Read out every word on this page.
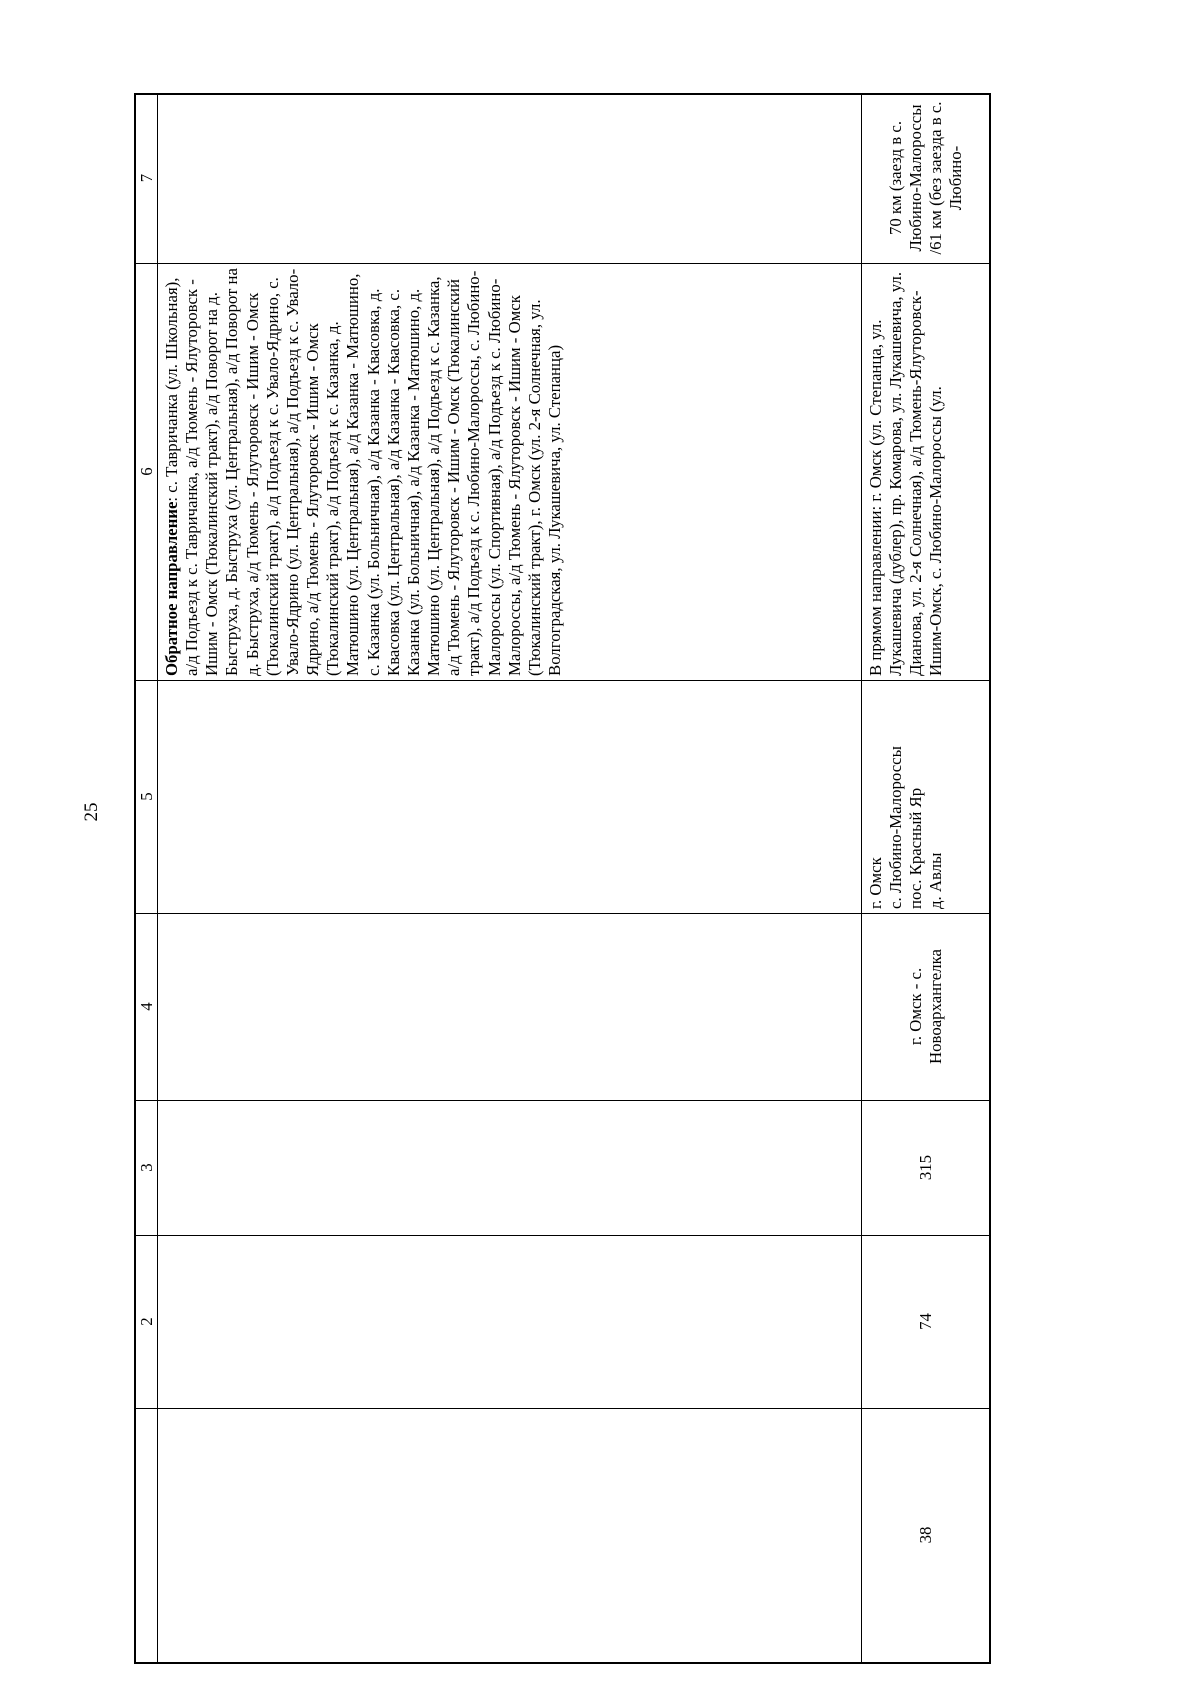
25
2
3
4
5
6
7
Обратное направление: с. Тавричанка (ул. Школьная), а/д Подъезд к с. Тавричанка, а/д Тюмень - Ялуторовск - Ишим - Омск (Тюкалинский тракт), а/д Поворот на д. Быструха, д. Быструха (ул. Центральная), а/д Поворот на д. Быструха, а/д Тюмень - Ялуторовск - Ишим - Омск (Тюкалинский тракт), а/д Подъезд к с. Увало-Ядрино, с. Увало-Ядрино (ул. Центральная), а/д Подъезд к с. Увало-Ядрино, а/д Тюмень - Ялуторовск - Ишим - Омск (Тюкалинский тракт), а/д Подъезд к с. Казанка, д. Матюшино (ул. Центральная), а/д Казанка - Матюшино, с. Казанка (ул. Больничная), а/д Казанка - Квасовка, д. Квасовка (ул. Центральная), а/д Казанка - Квасовка, с. Казанка (ул. Больничная), а/д Казанка - Матюшино, д. Матюшино (ул. Центральная), а/д Подъезд к с. Казанка, а/д Тюмень - Ялуторовск - Ишим - Омск (Тюкалинский тракт), а/д Подъезд к с. Любино-Малороссы, с. Любино-Малороссы (ул. Спортивная), а/д Подъезд к с. Любино-Малороссы, а/д Тюмень - Ялуторовск - Ишим - Омск (Тюкалинский тракт), г. Омск (ул. 2-я Солнечная, ул. Волгоградская, ул. Лукашевича, ул. Степанца)
38
74
315
г. Омск - с. Новоархангелка
г. Омск с. Любино-Малороссы пос. Красный Яр д. Авлы
В прямом направлении: г. Омск (ул. Степанца, ул. Лукашевича (дублер), пр. Комарова, ул. Лукашевича, ул. Дианова, ул. 2-я Солнечная), а/д Тюмень-Ялуторовск-Ишим-Омск, с. Любино-Малороссы (ул.
70 км (заезд в с. Любино-Малороссы /61 км (без заезда в с. Любино-
